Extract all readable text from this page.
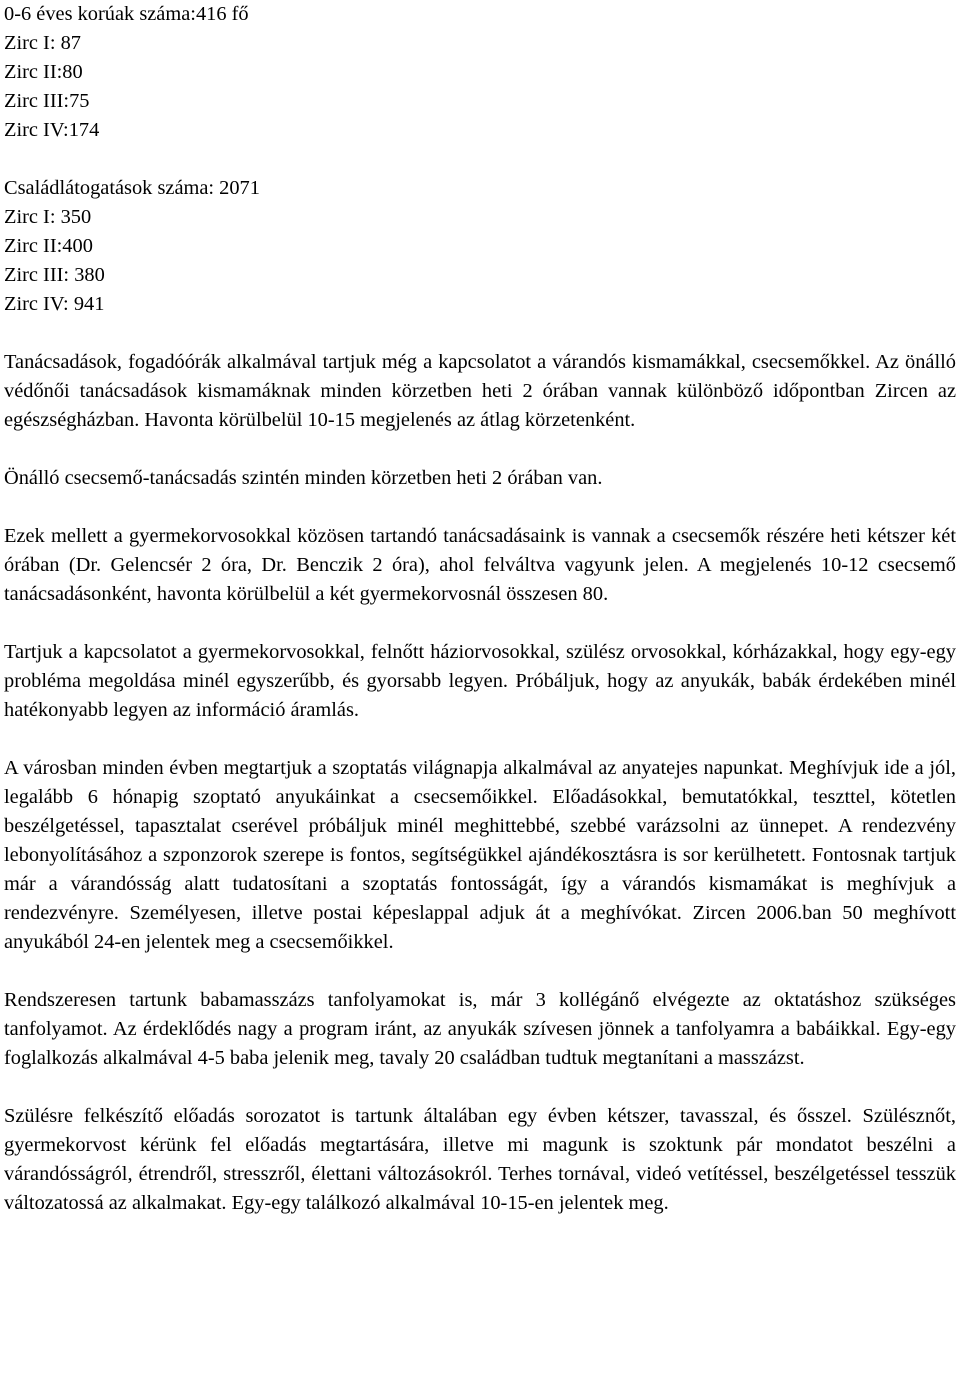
0-6 éves korúak száma:416 fő
Zirc I: 87
Zirc II:80
Zirc III:75
Zirc IV:174
Családlátogatások száma: 2071
Zirc I: 350
Zirc II:400
Zirc III: 380
Zirc IV: 941

Tanácsadások, fogadóórák alkalmával tartjuk még a kapcsolatot a várandós kismamákkal, csecsemőkkel. Az önálló védőnői tanácsadások kismamáknak minden körzetben heti 2 órában vannak különböző időpontban Zircen az egészségházban. Havonta körülbelül 10-15 megjelenés az átlag körzetenként.

Önálló csecsemő-tanácsadás szintén minden körzetben heti 2 órában van.

Ezek mellett a gyermekorvosokkal közösen tartandó tanácsadásaink is vannak a csecsemők részére heti kétszer két órában (Dr. Gelencsér 2 óra, Dr. Benczik 2 óra), ahol felváltva vagyunk jelen. A megjelenés 10-12 csecsemő tanácsadásonként, havonta körülbelül a két gyermekorvosnál összesen 80.

Tartjuk a kapcsolatot a gyermekorvosokkal, felnőtt háziorvosokkal, szülész orvosokkal, kórházakkal, hogy egy-egy probléma megoldása minél egyszerűbb, és gyorsabb legyen. Próbáljuk, hogy az anyukák, babák érdekében minél hatékonyabb legyen az információ áramlás.

A városban minden évben megtartjuk a szoptatás világnapja alkalmával az anyatejes napunkat. Meghívjuk ide a jól, legalább 6 hónapig szoptató anyukáinkat a csecsemőikkel. Előadásokkal, bemutatókkal, teszttel, kötetlen beszélgetéssel, tapasztalat cserével próbáljuk minél meghittebbé, szebbé varázsolni az ünnepet. A rendezvény lebonyolításához a szponzorok szerepe is fontos, segítségükkel ajándékosztásra is sor kerülhetett. Fontosnak tartjuk már a várandósság alatt tudatosítani a szoptatás fontosságát, így a várandós kismamákat is meghívjuk a rendezvényre. Személyesen, illetve postai képeslappal adjuk át a meghívókat. Zircen 2006.ban 50 meghívott anyukából 24-en jelentek meg a csecsemőikkel.

Rendszeresen tartunk babamasszázs tanfolyamokat is, már 3 kollégánő elvégezte az oktatáshoz szükséges tanfolyamot. Az érdeklődés nagy a program iránt, az anyukák szívesen jönnek a tanfolyamra a babáikkal. Egy-egy foglalkozás alkalmával 4-5 baba jelenik meg, tavaly 20 családban tudtuk megtanítani a masszázst.

Szülésre felkészítő előadás sorozatot is tartunk általában egy évben kétszer, tavasszal, és ősszel. Szülésznőt, gyermekorvost kérünk fel előadás megtartására, illetve mi magunk is szoktunk pár mondatot beszélni a várandósságról, étrendről, stresszről, élettani változásokról. Terhes tornával, videó vetítéssel, beszélgetéssel tesszük változatossá az alkalmakat. Egy-egy találkozó alkalmával 10-15-en jelentek meg.
